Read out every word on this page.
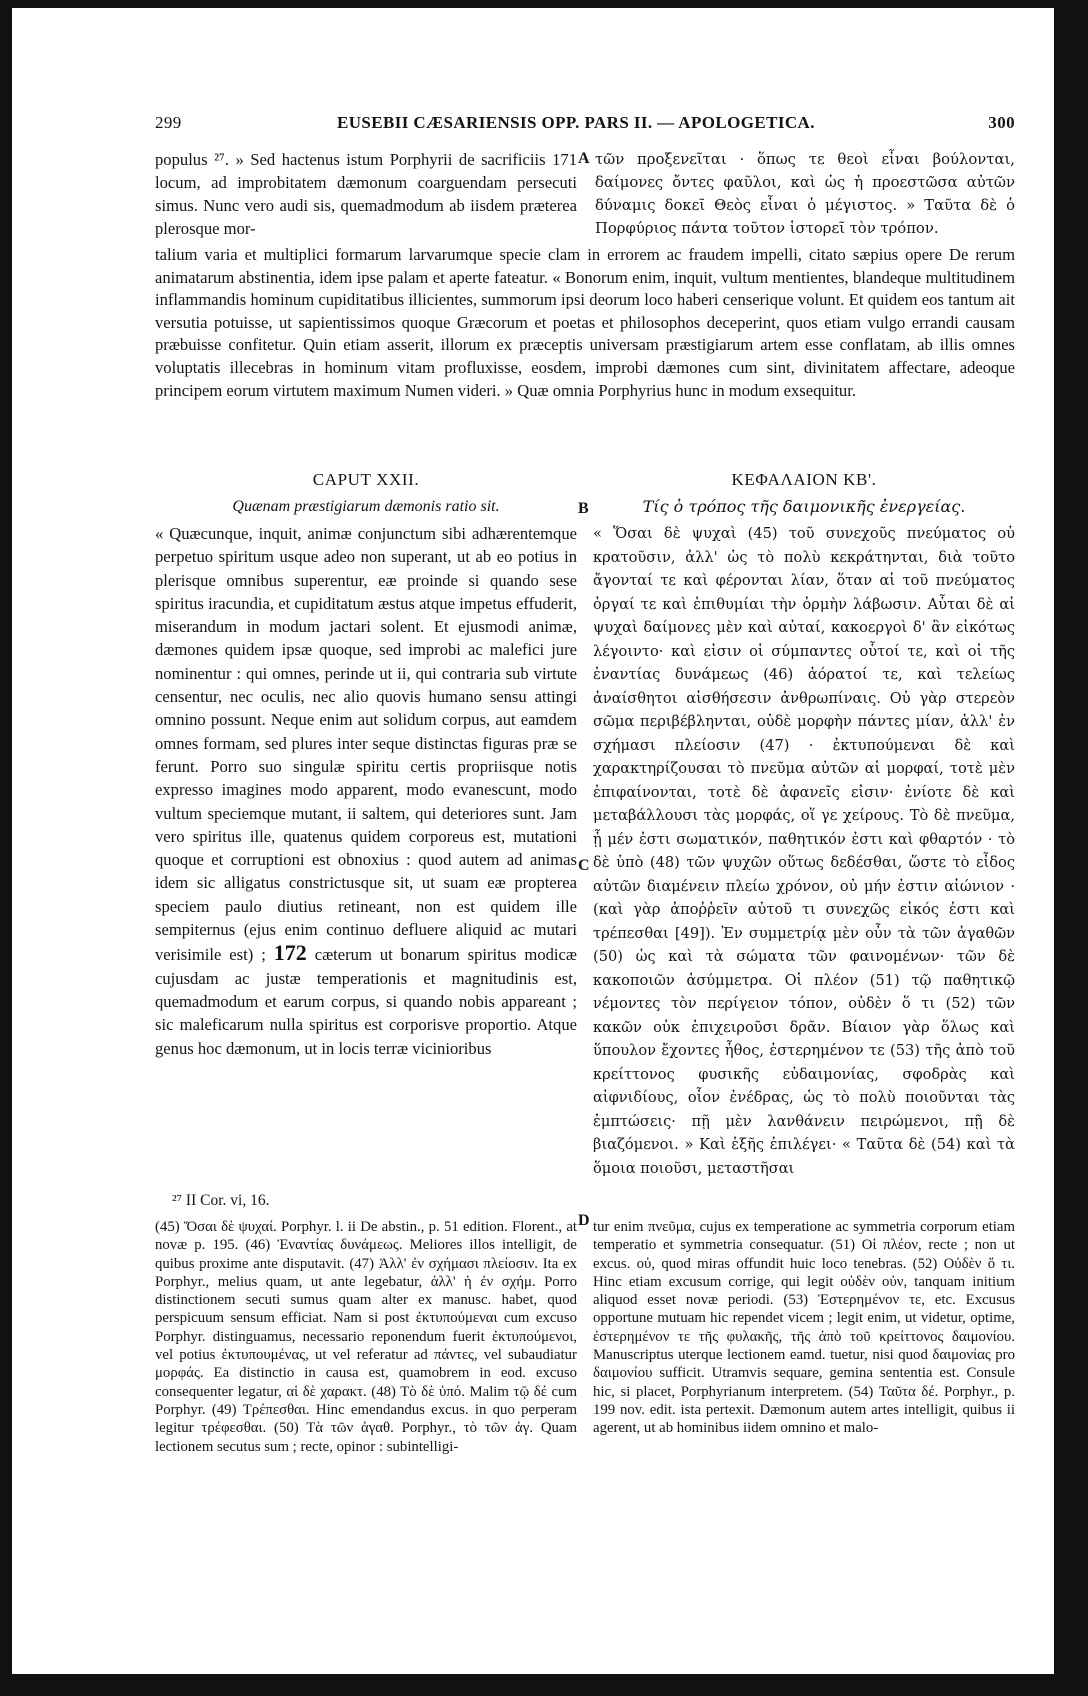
299	EUSEBII CÆSARIENSIS OPP. PARS II. — APOLOGETICA.	300

populus ²⁷. » Sed hactenus istum Porphyrii de sacrificiis 171 locum, ad improbitatem dæmonum coarguendam persecuti simus. Nunc vero audi sis, quemadmodum ab iisdem præterea plerosque mor-

A τῶν προξενεῖται · ὅπως τε θεοὶ εἶναι βούλονται, δαίμονες ὄντες φαῦλοι, καὶ ὡς ἡ προεστῶσα αὐτῶν δύναμις δοκεῖ Θεὸς εἶναι ὁ μέγιστος. » Ταῦτα δὲ ὁ Πορφύριος πάντα τοῦτον ἱστορεῖ τὸν τρόπον.

talium varia et multiplici formarum larvarumque specie clam in errorem ac fraudem impelli, citato sæpius opere De rerum animatarum abstinentia, idem ipse palam et aperte fateatur. « Bonorum enim, inquit, vultum mentientes, blandeque multitudinem inflammandis hominum cupiditatibus illicientes, summorum ipsi deorum loco haberi censerique volunt. Et quidem eos tantum ait versutia potuisse, ut sapientissimos quoque Græcorum et poetas et philosophos deceperint, quos etiam vulgo errandi causam præbuisse confitetur. Quin etiam asserit, illorum ex præceptis universam præstigiarum artem esse conflatam, ab illis omnes voluptatis illecebras in hominum vitam profluxisse, eosdem, improbi dæmones cum sint, divinitatem affectare, adeoque principem eorum virtutem maximum Numen videri. » Quæ omnia Porphyrius hunc in modum exsequitur.

CAPUT XXII.
Quænam præstigiarum dæmonis ratio sit.
ΚΕΦΑΛΑΙΟΝ ΚΒ'.
Τίς ὁ τρόπος τῆς δαιμονικῆς ἐνεργείας.
B

« Quæcunque, inquit, animæ conjunctum sibi adhærentemque perpetuo spiritum usque adeo non superant, ut ab eo potius in plerisque omnibus superentur, eæ proinde si quando sese spiritus iracundia, et cupiditatum æstus atque impetus effuderit, miserandum in modum jactari solent. Et ejusmodi animæ, dæmones quidem ipsæ quoque, sed improbi ac malefici jure nominentur : qui omnes, perinde ut ii, qui contraria sub virtute censentur, nec oculis, nec alio quovis humano sensu attingi omnino possunt. Neque enim aut solidum corpus, aut eamdem omnes formam, sed plures inter seque distinctas figuras præ se ferunt. Porro suo singulæ spiritu certis propriisque notis expresso imagines modo apparent, modo evanescunt, modo vultum speciemque mutant, ii saltem, qui deteriores sunt. Jam vero spiritus ille, quatenus quidem corporeus est, mutationi quoque et corruptioni est obnoxius : quod autem ad animas idem sic alligatus constrictusque sit, ut suam eæ propterea speciem paulo diutius retineant, non est quidem ille sempiternus (ejus enim continuo defluere aliquid ac mutari verisimile est) ; 172 cæterum ut bonarum spiritus modicæ cujusdam ac justæ temperationis et magnitudinis est, quemadmodum et earum corpus, si quando nobis appareant ; sic maleficarum nulla spiritus est corporisve proportio. Atque genus hoc dæmonum, ut in locis terræ vicinioribus

C

« Ὅσαι δὲ ψυχαὶ (45) τοῦ συνεχοῦς πνεύματος οὐ κρατοῦσιν, ἀλλ' ὡς τὸ πολὺ κεκράτηνται, διὰ τοῦτο ἄγονταί τε καὶ φέρονται λίαν, ὅταν αἱ τοῦ πνεύματος ὀργαί τε καὶ ἐπιθυμίαι τὴν ὁρμὴν λάβωσιν. Αὗται δὲ αἱ ψυχαὶ δαίμονες μὲν καὶ αὐταί, κακοεργοὶ δ' ἂν εἰκότως λέγοιντο· καὶ εἰσιν οἱ σύμπαντες οὗτοί τε, καὶ οἱ τῆς ἐναντίας δυνάμεως (46) ἀόρατοί τε, καὶ τελείως ἀναίσθητοι αἰσθήσεσιν ἀνθρωπίναις. Οὐ γὰρ στερεὸν σῶμα περιβέβληνται, οὐδὲ μορφὴν πάντες μίαν, ἀλλ' ἐν σχήμασι πλείοσιν (47) · ἐκτυπούμεναι δὲ καὶ χαρακτηρίζουσαι τὸ πνεῦμα αὐτῶν αἱ μορφαί, τοτὲ μὲν ἐπιφαίνονται, τοτὲ δὲ ἀφανεῖς εἰσιν· ἐνίοτε δὲ καὶ μεταβάλλουσι τὰς μορφάς, οἵ γε χείρους. Τὸ δὲ πνεῦμα, ᾗ μέν ἐστι σωματικόν, παθητικόν ἐστι καὶ φθαρτόν · τὸ δὲ ὑπὸ (48) τῶν ψυχῶν οὕτως δεδέσθαι, ὥστε τὸ εἶδος αὐτῶν διαμένειν πλείω χρόνον, οὐ μήν ἐστιν αἰώνιον · (καὶ γὰρ ἀποῤῥεῖν αὐτοῦ τι συνεχῶς εἰκός ἐστι καὶ τρέπεσθαι [49]). Ἐν συμμετρίᾳ μὲν οὖν τὰ τῶν ἀγαθῶν (50) ὡς καὶ τὰ σώματα τῶν φαινομένων· τῶν δὲ κακοποιῶν ἀσύμμετρα. Οἱ πλέον (51) τῷ παθητικῷ νέμοντες τὸν περίγειον τόπον, οὐδὲν ὅ τι (52) τῶν κακῶν οὐκ ἐπιχειροῦσι δρᾶν. Βίαιον γὰρ ὅλως καὶ ὕπουλον ἔχοντες ἦθος, ἐστερημένον τε (53) τῆς ἀπὸ τοῦ κρείττονος φυσικῆς εὐδαιμονίας, σφοδρὰς καὶ αἰφνιδίους, οἷον ἐνέδρας, ὡς τὸ πολὺ ποιοῦνται τὰς ἐμπτώσεις· πῇ μὲν λανθάνειν πειρώμενοι, πῇ δὲ βιαζόμενοι. » Καὶ ἑξῆς ἐπιλέγει· « Ταῦτα δὲ (54) καὶ τὰ ὅμοια ποιοῦσι, μεταστῆσαι

²⁷ II Cor. vi, 16.
D

(45) Ὅσαι δὲ ψυχαί. Porphyr. l. ii De abstin., p. 51 edition. Florent., at novæ p. 195. (46) Ἐναντίας δυνάμεως. Meliores illos intelligit, de quibus proxime ante disputavit. (47) Ἀλλ' ἐν σχήμασι πλείοσιν. Ita ex Porphyr., melius quam, ut ante legebatur, ἀλλ' ἡ ἐν σχήμ. Porro distinctionem secuti sumus quam alter ex manusc. habet, quod perspicuum sensum efficiat. Nam si post ἐκτυπούμεναι cum excuso Porphyr. distinguamus, necessario reponendum fuerit ἐκτυπούμενοι, vel potius ἐκτυπουμένας, ut vel referatur ad πάντες, vel subaudiatur μορφάς. Ea distinctio in causa est, quamobrem in eod. excuso consequenter legatur, αἱ δὲ χαρακτ. (48) Τὸ δὲ ὑπό. Malim τῷ δέ cum Porphyr. (49) Τρέπεσθαι. Hinc emendandus excus. in quo perperam legitur τρέφεσθαι. (50) Τὰ τῶν ἀγαθ. Porphyr., τὸ τῶν ἀγ. Quam lectionem secutus sum ; recte, opinor : subintelligi-

tur enim πνεῦμα, cujus ex temperatione ac symmetria corporum etiam temperatio et symmetria consequatur. (51) Οἱ πλέον, recte ; non ut excus. οὐ, quod miras offundit huic loco tenebras. (52) Οὐδὲν ὅ τι. Hinc etiam excusum corrige, qui legit οὐδὲν οὐν, tanquam initium aliquod esset novæ periodi. (53) Ἐστερημένον τε, etc. Excusus opportune mutuam hic rependet vicem ; legit enim, ut videtur, optime, ἐστερημένον τε τῆς φυλακῆς, τῆς ἀπὸ τοῦ κρείττονος δαιμονίου. Manuscriptus uterque lectionem eamd. tuetur, nisi quod δαιμονίας pro δαιμονίου sufficit. Utramvis sequare, gemina sententia est. Consule hic, si placet, Porphyrianum interpretem. (54) Ταῦτα δέ. Porphyr., p. 199 nov. edit. ista pertexit. Dæmonum autem artes intelligit, quibus ii agerent, ut ab hominibus iidem omnino et malo-
